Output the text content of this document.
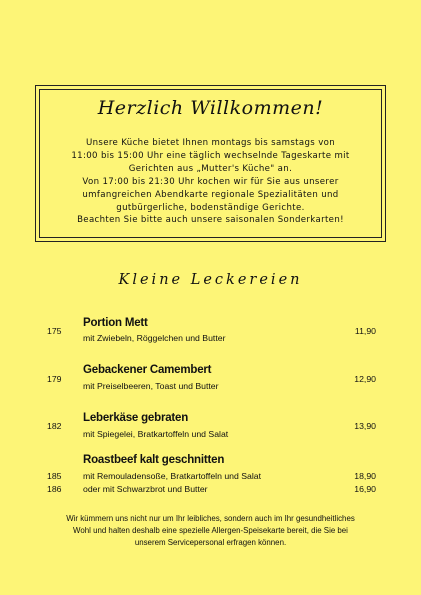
Herzlich Willkommen!
Unsere Küche bietet Ihnen montags bis samstags von
11:00 bis 15:00 Uhr eine täglich wechselnde Tageskarte mit
Gerichten aus „Mutter's Küche" an.
Von 17:00 bis 21:30 Uhr kochen wir für Sie aus unserer
umfangreichen Abendkarte regionale Spezialitäten und
gutbürgerliche, bodenständige Gerichte.
Beachten Sie bitte auch unsere saisonalen Sonderkarten!
Kleine Leckereien
Portion Mett
175
mit Zwiebeln, Röggelchen und Butter
11,90
Gebackener Camembert
179
mit Preiselbeeren, Toast und Butter
12,90
Leberkäse gebraten
182
mit Spiegelei, Bratkartoffeln und Salat
13,90
Roastbeef kalt geschnitten
185 mit Remouladensoße, Bratkartoffeln und Salat	18,90
186 oder mit Schwarzbrot und Butter	16,90
Wir kümmern uns nicht nur um Ihr leibliches, sondern auch im Ihr gesundheitliches
Wohl und halten deshalb eine spezielle Allergen-Speisekarte bereit, die Sie bei
unserem Servicepersonal erfragen können.
